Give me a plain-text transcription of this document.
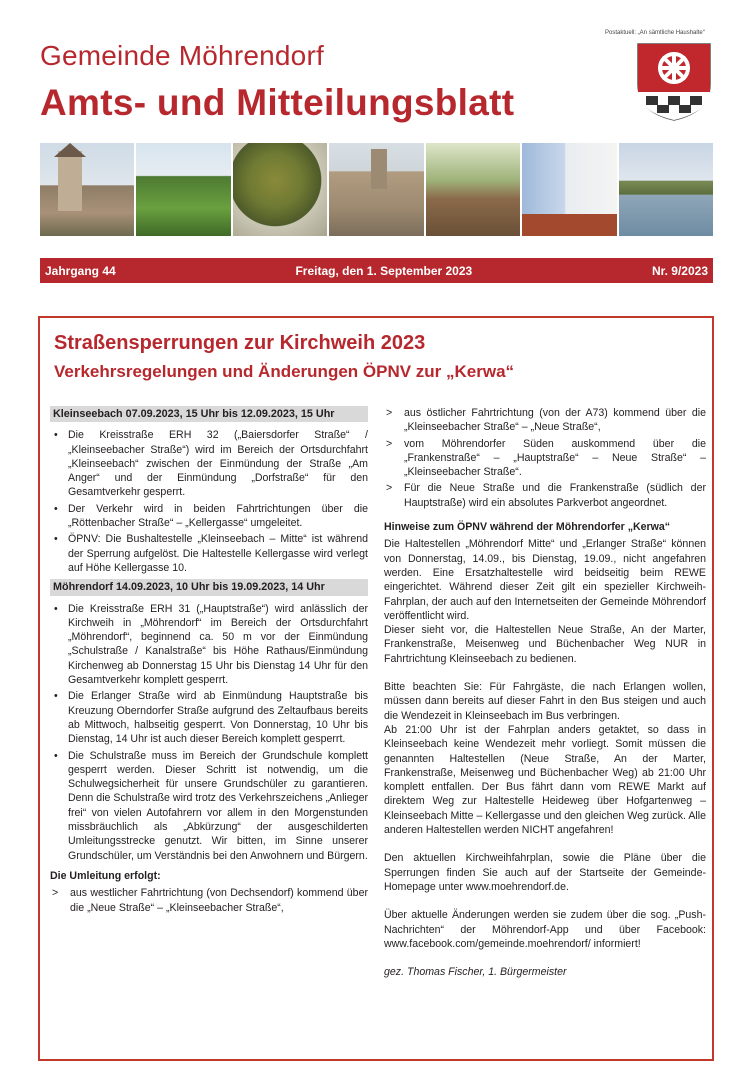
Gemeinde Möhrendorf
Amts- und Mitteilungsblatt
Postaktuell: „An sämtliche Haushalte“
Jahrgang 44	Freitag, den 1. September 2023	Nr. 9/2023
Straßensperrungen zur Kirchweih 2023
Verkehrsregelungen und Änderungen ÖPNV zur „Kerwa“
Kleinseebach 07.09.2023, 15 Uhr bis 12.09.2023, 15 Uhr
• Die Kreisstraße ERH 32 („Baiersdorfer Straße“ / „Kleinseebacher Straße“) wird im Bereich der Ortsdurchfahrt „Kleinseebach“ zwischen der Einmündung der Straße „Am Anger“ und der Einmündung „Dorfstraße“ für den Gesamtverkehr gesperrt.
• Der Verkehr wird in beiden Fahrtrichtungen über die „Röttenbacher Straße“ – „Kellergasse“ umgeleitet.
• ÖPNV: Die Bushaltestelle „Kleinseebach – Mitte“ ist während der Sperrung aufgelöst. Die Haltestelle Kellergasse wird verlegt auf Höhe Kellergasse 10.
Möhrendorf 14.09.2023, 10 Uhr bis 19.09.2023, 14 Uhr
• Die Kreisstraße ERH 31 („Hauptstraße“) wird anlässlich der Kirchweih in „Möhrendorf“ im Bereich der Ortsdurchfahrt „Möhrendorf“, beginnend ca. 50 m vor der Einmündung „Schulstraße / Kanalstraße“ bis Höhe Rathaus/Einmündung Kirchenweg ab Donnerstag 15 Uhr bis Dienstag 14 Uhr für den Gesamtverkehr komplett gesperrt.
• Die Erlanger Straße wird ab Einmündung Hauptstraße bis Kreuzung Oberndorfer Straße aufgrund des Zeltaufbaus bereits ab Mittwoch, halbseitig gesperrt. Von Donnerstag, 10 Uhr bis Dienstag, 14 Uhr ist auch dieser Bereich komplett gesperrt.
• Die Schulstraße muss im Bereich der Grundschule komplett gesperrt werden. Dieser Schritt ist notwendig, um die Schulwegsicherheit für unsere Grundschüler zu garantieren. Denn die Schulstraße wird trotz des Verkehrszeichens „Anlieger frei“ von vielen Autofahrern vor allem in den Morgenstunden missbräuchlich als „Abkürzung“ der ausgeschilderten Umleitungsstrecke genutzt. Wir bitten, im Sinne unserer Grundschüler, um Verständnis bei den Anwohnern und Bürgern.
Die Umleitung erfolgt:
> aus westlicher Fahrtrichtung (von Dechsendorf) kommend über die „Neue Straße“ – „Kleinseebacher Straße“,
> aus östlicher Fahrtrichtung (von der A73) kommend über die „Kleinseebacher Straße“ – „Neue Straße“,
> vom Möhrendorfer Süden auskommend über die „Frankenstraße“ – „Hauptstraße“ – Neue Straße“ – „Kleinseebacher Straße“.
> Für die Neue Straße und die Frankenstraße (südlich der Hauptstraße) wird ein absolutes Parkverbot angeordnet.
Hinweise zum ÖPNV während der Möhrendorfer „Kerwa“

Die Haltestellen „Möhrendorf Mitte“ und „Erlanger Straße“ können von Donnerstag, 14.09., bis Dienstag, 19.09., nicht angefahren werden. Eine Ersatzhaltestelle wird beidseitig beim REWE eingerichtet. Während dieser Zeit gilt ein spezieller Kirchweih-Fahrplan, der auch auf den Internetseiten der Gemeinde Möhrendorf veröffentlicht wird.

Dieser sieht vor, die Haltestellen Neue Straße, An der Marter, Frankenstraße, Meisenweg und Büchenbacher Weg NUR in Fahrtrichtung Kleinseebach zu bedienen.

Bitte beachten Sie: Für Fahrgäste, die nach Erlangen wollen, müssen dann bereits auf dieser Fahrt in den Bus steigen und auch die Wendezeit in Kleinseebach im Bus verbringen.

Ab 21:00 Uhr ist der Fahrplan anders getaktet, so dass in Kleinseebach keine Wendezeit mehr vorliegt. Somit müssen die genannten Haltestellen (Neue Straße, An der Marter, Frankenstraße, Meisenweg und Büchenbacher Weg) ab 21:00 Uhr komplett entfallen. Der Bus fährt dann vom REWE Markt auf direktem Weg zur Haltestelle Heideweg über Hofgartenweg – Kleinseebach Mitte – Kellergasse und den gleichen Weg zurück. Alle anderen Haltestellen werden NICHT angefahren!

Den aktuellen Kirchweihfahrplan, sowie die Pläne über die Sperrungen finden Sie auch auf der Startseite der Gemeinde-Homepage unter www.moehrendorf.de.

Über aktuelle Änderungen werden sie zudem über die sog. „Push-Nachrichten“ der Möhrendorf-App und über Facebook: www.facebook.com/gemeinde.moehrendorf/ informiert!

gez. Thomas Fischer, 1. Bürgermeister
